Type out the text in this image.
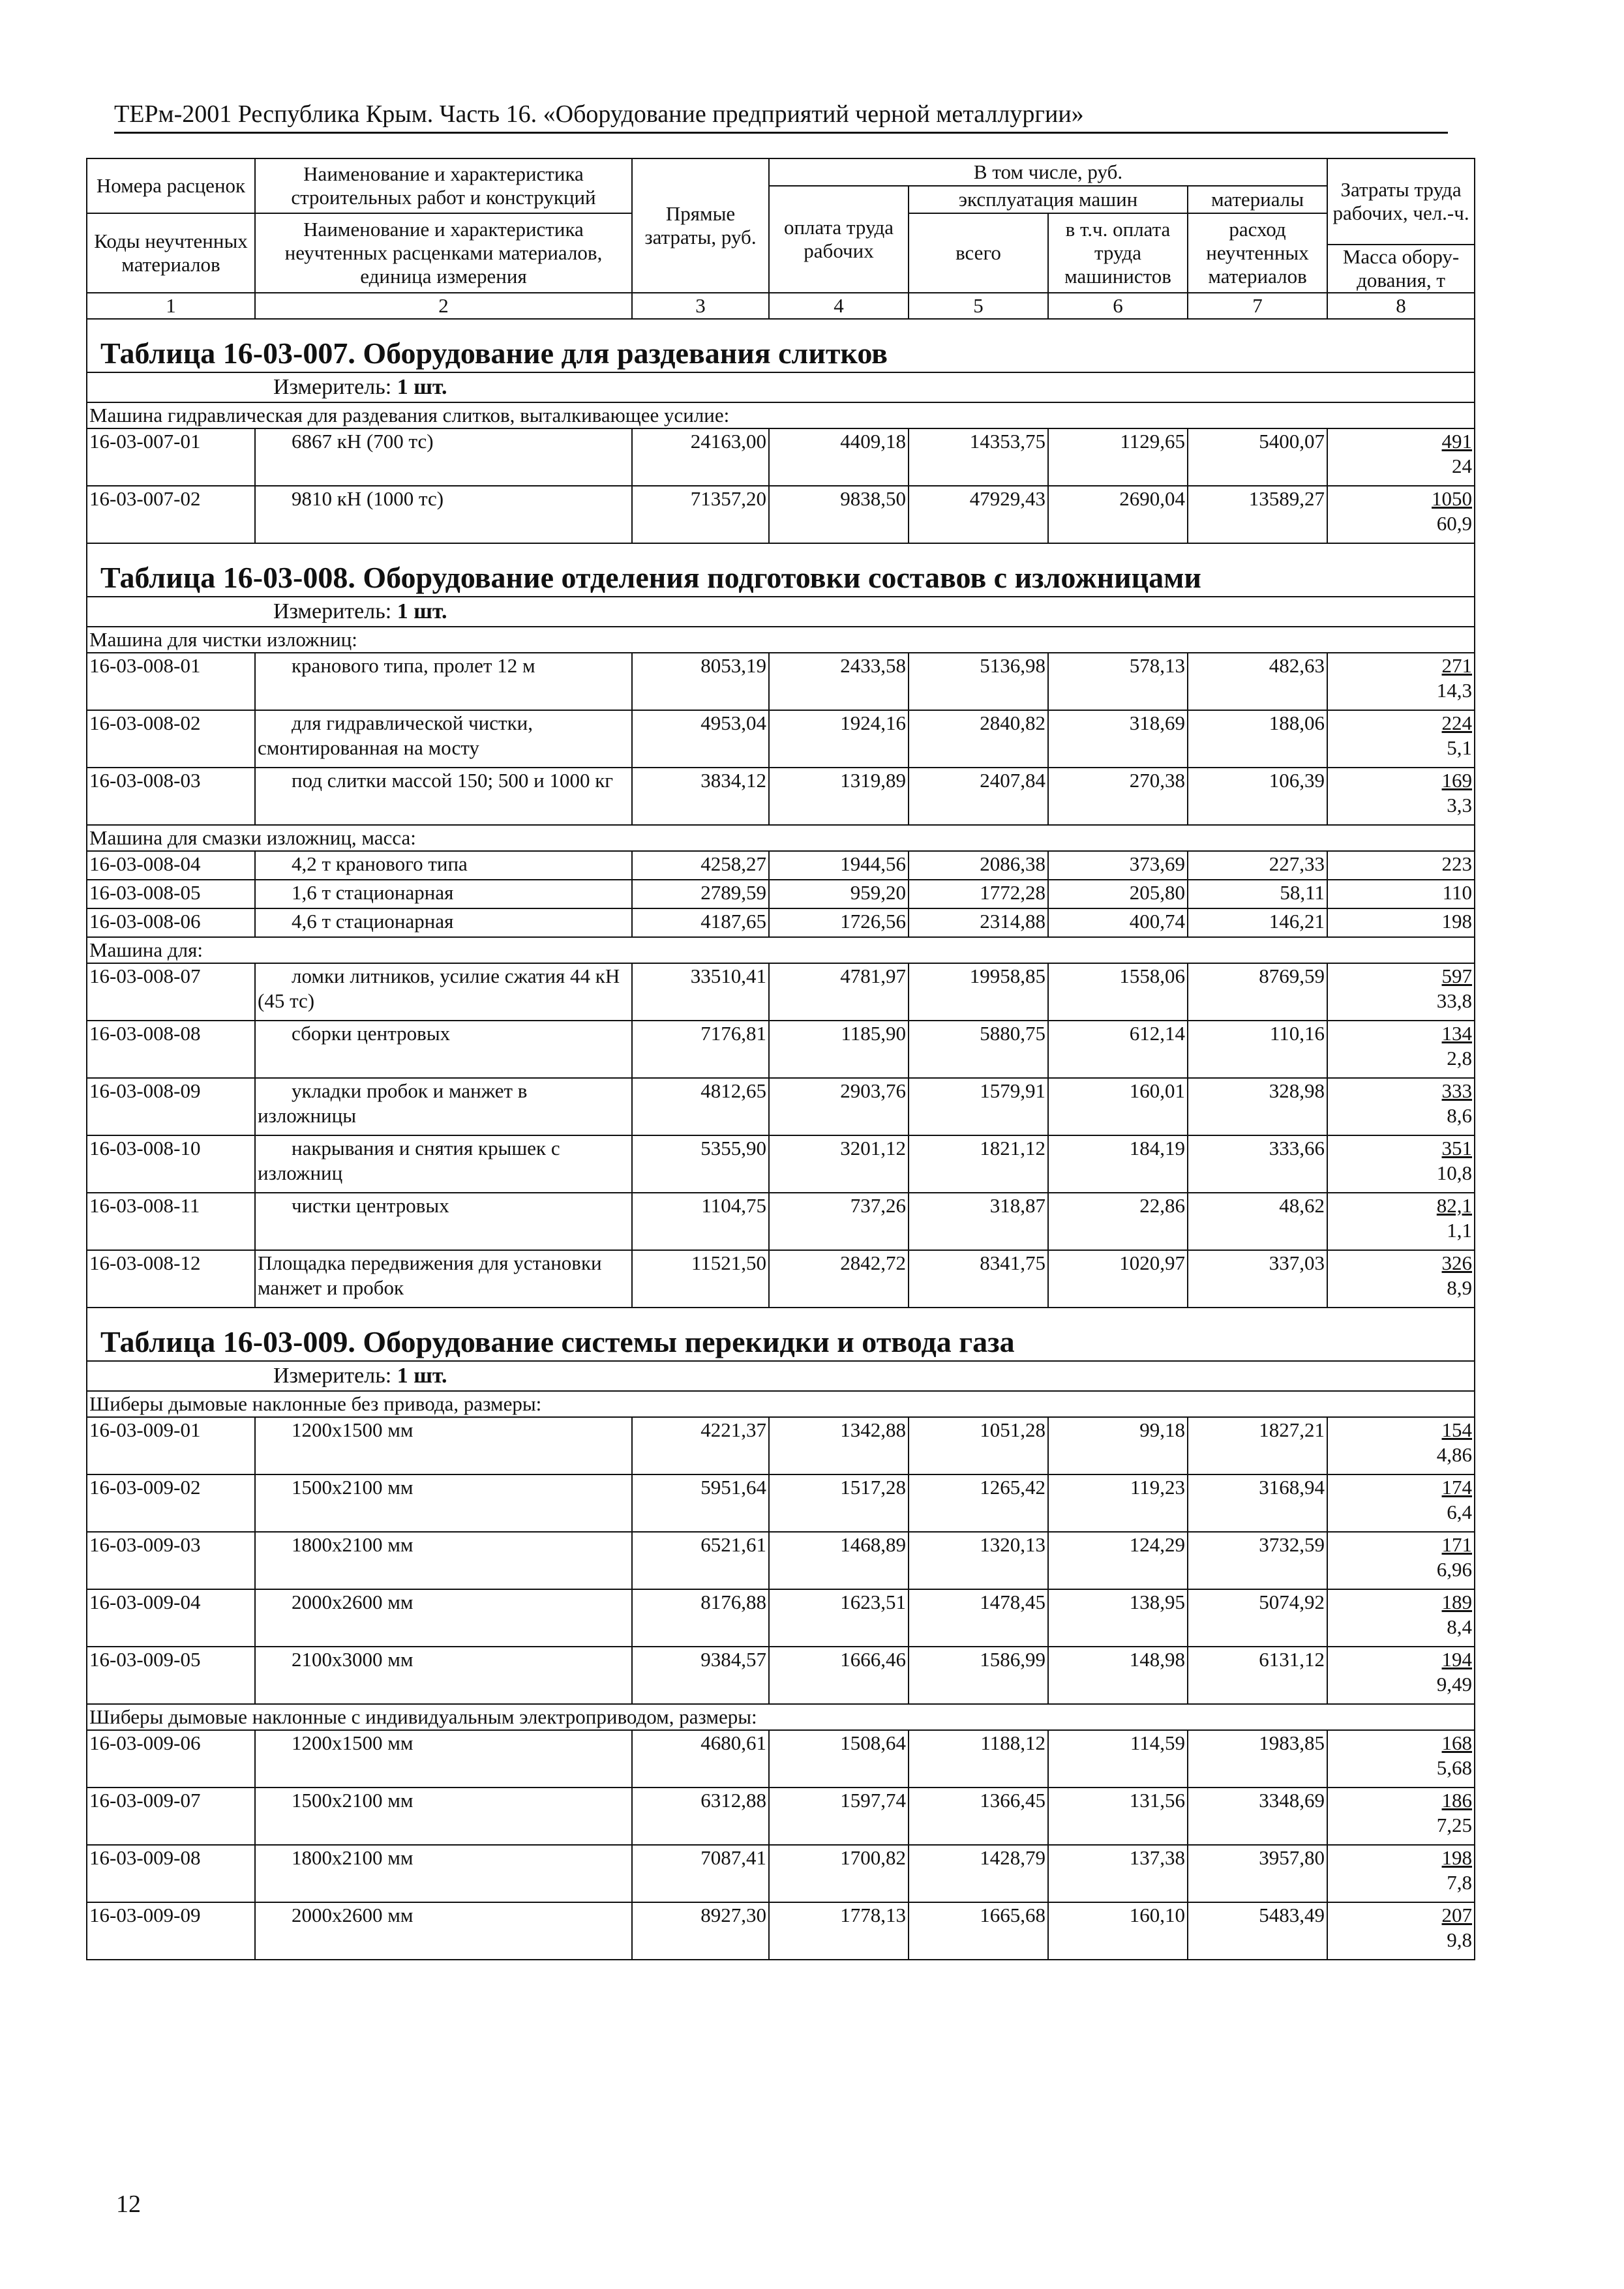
ТЕРм-2001 Республика Крым. Часть 16. «Оборудование предприятий черной металлургии»
Номера расценок	Наименование и характеристика строительных работ и конструкций	Прямые затраты, руб.	В том числе, руб.				Затраты труда рабочих, чел.-ч.
			оплата труда рабочих	эксплуатация машин		материалы	
Коды неучтенных материалов	Наименование и характеристика неучтенных расценками материалов, единица измерения			всего	в т.ч. оплата труда машинистов	расход неучтенных материалов	
							Масса обору-дования, т
1	2	3	4	5	6	7	8
Таблица 16-03-007. Оборудование для раздевания слитков							
Измеритель: 1 шт.							
Машина гидравлическая для раздевания слитков, выталкивающее усилие:							
16-03-007-01	6867 кН (700 тс)	24163,00	4409,18	14353,75	1129,65	5400,07	491
24

16-03-007-02	9810 кН (1000 тс)	71357,20	9838,50	47929,43	2690,04	13589,27	1050
60,9

Таблица 16-03-008. Оборудование отделения подготовки составов с изложницами							
Измеритель: 1 шт.							
Машина для чистки изложниц:							
16-03-008-01	кранового типа, пролет 12 м	8053,19	2433,58	5136,98	578,13	482,63	271
14,3

16-03-008-02	для гидравлической чистки, смонтированная на мосту	4953,04	1924,16	2840,82	318,69	188,06	224
5,1

16-03-008-03	под слитки массой 150; 500 и 1000 кг	3834,12	1319,89	2407,84	270,38	106,39	169
3,3

Машина для смазки изложниц, масса:							
16-03-008-04	4,2 т кранового типа	4258,27	1944,56	2086,38	373,69	227,33	223

16-03-008-05	1,6 т стационарная	2789,59	959,20	1772,28	205,80	58,11	110

16-03-008-06	4,6 т стационарная	4187,65	1726,56	2314,88	400,74	146,21	198

Машина для:							
16-03-008-07	ломки литников, усилие сжатия 44 кН (45 тс)	33510,41	4781,97	19958,85	1558,06	8769,59	597
33,8

16-03-008-08	сборки центровых	7176,81	1185,90	5880,75	612,14	110,16	134
2,8

16-03-008-09	укладки пробок и манжет в изложницы	4812,65	2903,76	1579,91	160,01	328,98	333
8,6

16-03-008-10	накрывания и снятия крышек с изложниц	5355,90	3201,12	1821,12	184,19	333,66	351
10,8

16-03-008-11	чистки центровых	1104,75	737,26	318,87	22,86	48,62	82,1
1,1

16-03-008-12	Площадка передвижения для установки манжет и пробок	11521,50	2842,72	8341,75	1020,97	337,03	326
8,9

Таблица 16-03-009. Оборудование системы перекидки и отвода газа							
Измеритель: 1 шт.							
Шиберы дымовые наклонные без привода, размеры:							
16-03-009-01	1200x1500 мм	4221,37	1342,88	1051,28	99,18	1827,21	154
4,86

16-03-009-02	1500x2100 мм	5951,64	1517,28	1265,42	119,23	3168,94	174
6,4

16-03-009-03	1800x2100 мм	6521,61	1468,89	1320,13	124,29	3732,59	171
6,96

16-03-009-04	2000x2600 мм	8176,88	1623,51	1478,45	138,95	5074,92	189
8,4

16-03-009-05	2100x3000 мм	9384,57	1666,46	1586,99	148,98	6131,12	194
9,49

Шиберы дымовые наклонные с индивидуальным электроприводом, размеры:							
16-03-009-06	1200x1500 мм	4680,61	1508,64	1188,12	114,59	1983,85	168
5,68

16-03-009-07	1500x2100 мм	6312,88	1597,74	1366,45	131,56	3348,69	186
7,25

16-03-009-08	1800x2100 мм	7087,41	1700,82	1428,79	137,38	3957,80	198
7,8

16-03-009-09	2000x2600 мм	8927,30	1778,13	1665,68	160,10	5483,49	207
9,8
12
